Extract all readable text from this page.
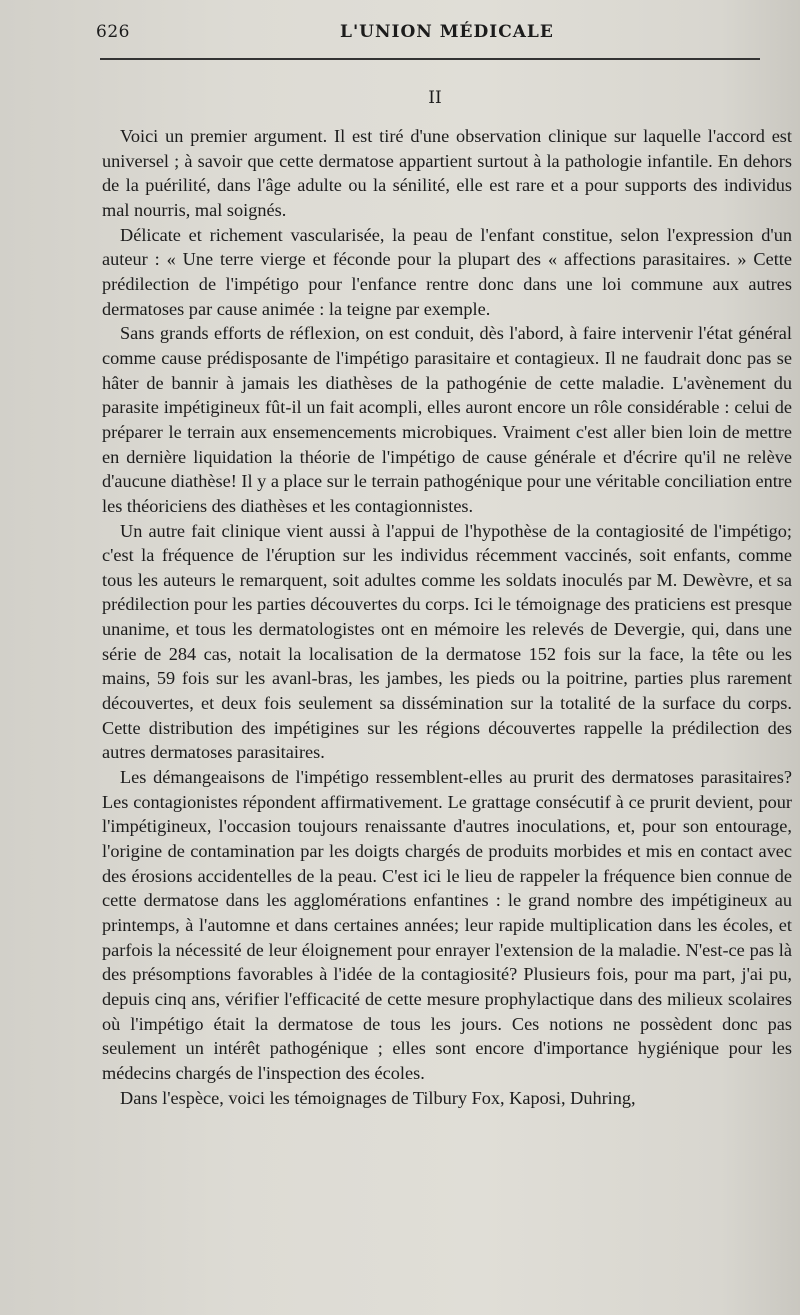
626	L'UNION MÉDICALE
II

Voici un premier argument. Il est tiré d'une observation clinique sur laquelle l'accord est universel ; à savoir que cette dermatose appartient surtout à la pathologie infantile. En dehors de la puérilité, dans l'âge adulte ou la sénilité, elle est rare et a pour supports des individus mal nourris, mal soignés.

Délicate et richement vascularisée, la peau de l'enfant constitue, selon l'expression d'un auteur : « Une terre vierge et féconde pour la plupart des « affections parasitaires. » Cette prédilection de l'impétigo pour l'enfance rentre donc dans une loi commune aux autres dermatoses par cause animée : la teigne par exemple.

Sans grands efforts de réflexion, on est conduit, dès l'abord, à faire intervenir l'état général comme cause prédisposante de l'impétigo parasitaire et contagieux. Il ne faudrait donc pas se hâter de bannir à jamais les diathèses de la pathogénie de cette maladie. L'avènement du parasite impétigineux fût-il un fait acompli, elles auront encore un rôle considérable : celui de préparer le terrain aux ensemencements microbiques. Vraiment c'est aller bien loin de mettre en dernière liquidation la théorie de l'impétigo de cause générale et d'écrire qu'il ne relève d'aucune diathèse! Il y a place sur le terrain pathogénique pour une véritable conciliation entre les théoriciens des diathèses et les contagionnistes.

Un autre fait clinique vient aussi à l'appui de l'hypothèse de la contagiosité de l'impétigo; c'est la fréquence de l'éruption sur les individus récemment vaccinés, soit enfants, comme tous les auteurs le remarquent, soit adultes comme les soldats inoculés par M. Dewèvre, et sa prédilection pour les parties découvertes du corps. Ici le témoignage des praticiens est presque unanime, et tous les dermatologistes ont en mémoire les relevés de Devergie, qui, dans une série de 284 cas, notait la localisation de la dermatose 152 fois sur la face, la tête ou les mains, 59 fois sur les avanl-bras, les jambes, les pieds ou la poitrine, parties plus rarement découvertes, et deux fois seulement sa dissémination sur la totalité de la surface du corps. Cette distribution des impétigines sur les régions découvertes rappelle la prédilection des autres dermatoses parasitaires.

Les démangeaisons de l'impétigo ressemblent-elles au prurit des dermatoses parasitaires? Les contagionistes répondent affirmativement. Le grattage consécutif à ce prurit devient, pour l'impétigineux, l'occasion toujours renaissante d'autres inoculations, et, pour son entourage, l'origine de contamination par les doigts chargés de produits morbides et mis en contact avec des érosions accidentelles de la peau. C'est ici le lieu de rappeler la fréquence bien connue de cette dermatose dans les agglomérations enfantines : le grand nombre des impétigineux au printemps, à l'automne et dans certaines années; leur rapide multiplication dans les écoles, et parfois la nécessité de leur éloignement pour enrayer l'extension de la maladie. N'est-ce pas là des présomptions favorables à l'idée de la contagiosité? Plusieurs fois, pour ma part, j'ai pu, depuis cinq ans, vérifier l'efficacité de cette mesure prophylactique dans des milieux scolaires où l'impétigo était la dermatose de tous les jours. Ces notions ne possèdent donc pas seulement un intérêt pathogénique ; elles sont encore d'importance hygiénique pour les médecins chargés de l'inspection des écoles.

Dans l'espèce, voici les témoignages de Tilbury Fox, Kaposi, Duhring,
